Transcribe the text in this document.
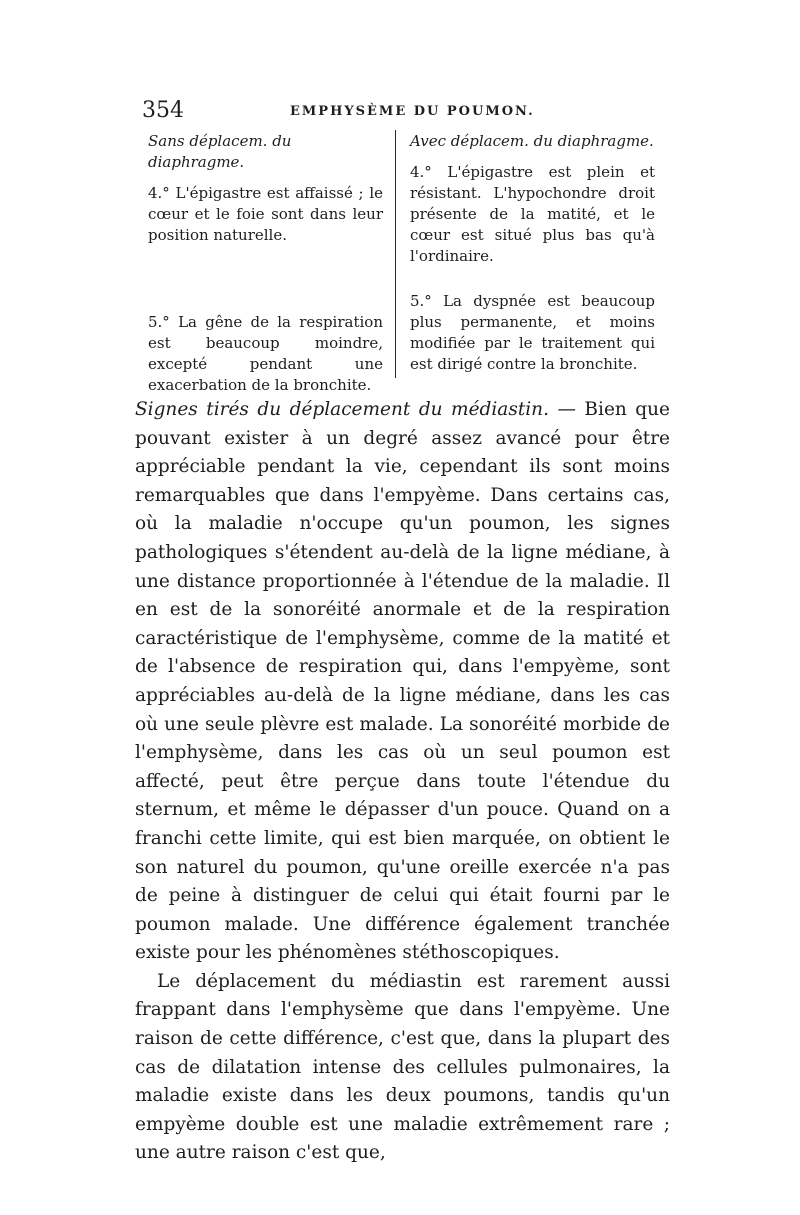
354	EMPHYSÈME DU POUMON.
Sans déplacem. du diaphragme.

4.° L'épigastre est affaissé ; le cœur et le foie sont dans leur position naturelle.

5.° La gêne de la respiration est beaucoup moindre, excepté pendant une exacerbation de la bronchite.

Avec déplacem. du diaphragme.

4.° L'épigastre est plein et résistant. L'hypochondre droit présente de la matité, et le cœur est situé plus bas qu'à l'ordinaire.

5.° La dyspnée est beaucoup plus permanente, et moins modifiée par le traitement qui est dirigé contre la bronchite.

Signes tirés du déplacement du médiastin. — Bien que pouvant exister à un degré assez avancé pour être appréciable pendant la vie, cependant ils sont moins remarquables que dans l'empyème. Dans certains cas, où la maladie n'occupe qu'un poumon, les signes pathologiques s'étendent au-delà de la ligne médiane, à une distance proportionnée à l'étendue de la maladie. Il en est de la sonoréité anormale et de la respiration caractéristique de l'emphysème, comme de la matité et de l'absence de respiration qui, dans l'empyème, sont appréciables au-delà de la ligne médiane, dans les cas où une seule plèvre est malade. La sonoréité morbide de l'emphysème, dans les cas où un seul poumon est affecté, peut être perçue dans toute l'étendue du sternum, et même le dépasser d'un pouce. Quand on a franchi cette limite, qui est bien marquée, on obtient le son naturel du poumon, qu'une oreille exercée n'a pas de peine à distinguer de celui qui était fourni par le poumon malade. Une différence également tranchée existe pour les phénomènes stéthoscopiques.

Le déplacement du médiastin est rarement aussi frappant dans l'emphysème que dans l'empyème. Une raison de cette différence, c'est que, dans la plupart des cas de dilatation intense des cellules pulmonaires, la maladie existe dans les deux poumons, tandis qu'un empyème double est une maladie extrêmement rare ; une autre raison c'est que,
